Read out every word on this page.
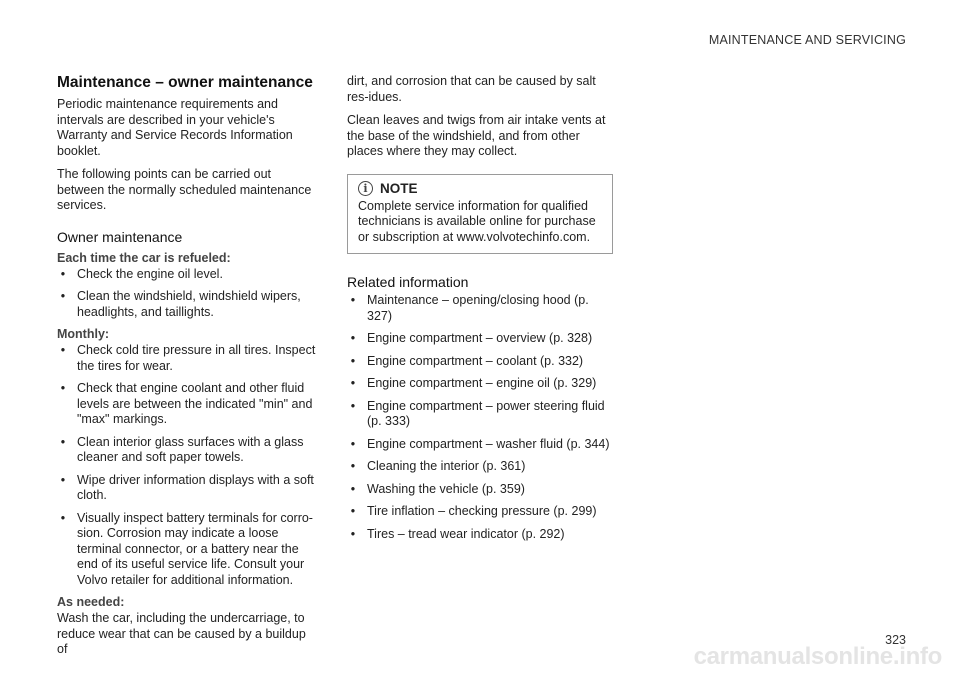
MAINTENANCE AND SERVICING
Maintenance – owner maintenance

Periodic maintenance requirements and intervals are described in your vehicle's Warranty and Service Records Information booklet.

The following points can be carried out between the normally scheduled maintenance services.

Owner maintenance
Each time the car is refueled:
• Check the engine oil level.
• Clean the windshield, windshield wipers, headlights, and taillights.
Monthly:
• Check cold tire pressure in all tires. Inspect the tires for wear.
• Check that engine coolant and other fluid levels are between the indicated "min" and "max" markings.
• Clean interior glass surfaces with a glass cleaner and soft paper towels.
• Wipe driver information displays with a soft cloth.
• Visually inspect battery terminals for corro-sion. Corrosion may indicate a loose terminal connector, or a battery near the end of its useful service life. Consult your Volvo retailer for additional information.
As needed:

Wash the car, including the undercarriage, to reduce wear that can be caused by a buildup of

dirt, and corrosion that can be caused by salt res-idues.

Clean leaves and twigs from air intake vents at the base of the windshield, and from other places where they may collect.

i NOTE

Complete service information for qualified technicians is available online for purchase or subscription at www.volvotechinfo.com.

Related information
• Maintenance – opening/closing hood (p. 327)
• Engine compartment – overview (p. 328)
• Engine compartment – coolant (p. 332)
• Engine compartment – engine oil (p. 329)
• Engine compartment – power steering fluid (p. 333)
• Engine compartment – washer fluid (p. 344)
• Cleaning the interior (p. 361)
• Washing the vehicle (p. 359)
• Tire inflation – checking pressure (p. 299)
• Tires – tread wear indicator (p. 292)
323
carmanualsonline.info
